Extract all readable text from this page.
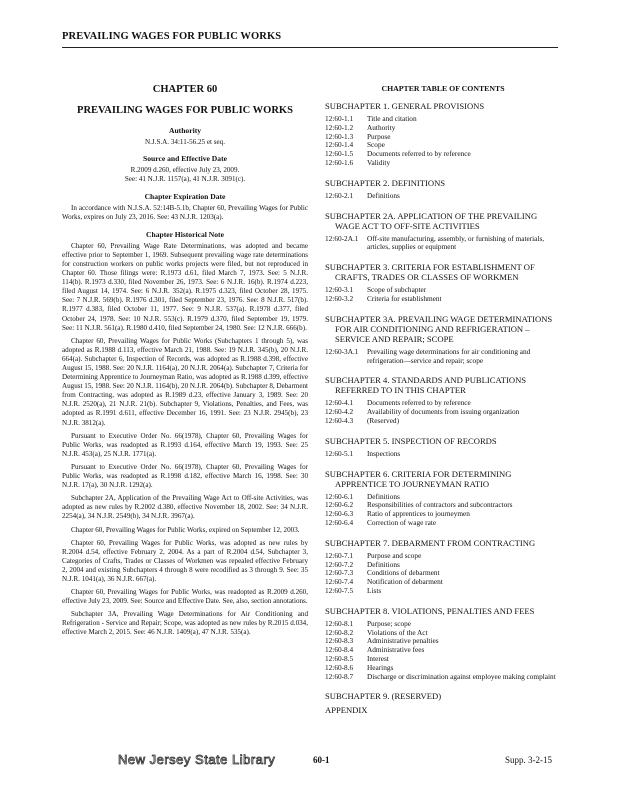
PREVAILING WAGES FOR PUBLIC WORKS
CHAPTER 60
PREVAILING WAGES FOR PUBLIC WORKS
Authority
N.J.S.A. 34:11-56.25 et seq.
Source and Effective Date
R.2009 d.260, effective July 23, 2009.
See: 41 N.J.R. 1157(a), 41 N.J.R. 3091(c).
Chapter Expiration Date

In accordance with N.J.S.A. 52:14B-5.1b, Chapter 60, Prevailing Wages for Public Works, expires on July 23, 2016. See: 43 N.J.R. 1203(a).

Chapter Historical Note

Chapter 60, Prevailing Wage Rate Determinations, was adopted and became effective prior to September 1, 1969. Subsequent prevailing wage rate determinations for construction workers on public works projects were filed, but not reproduced in Chapter 60. Those filings were: R.1973 d.61, filed March 7, 1973. See: 5 N.J.R. 114(b). R.1973 d.330, filed November 26, 1973. See: 6 N.J.R. 16(b). R.1974 d.223, filed August 14, 1974. See: 6 N.J.R. 352(a). R.1975 d.323, filed October 28, 1975. See: 7 N.J.R. 569(b). R.1976 d.301, filed September 23, 1976. See: 8 N.J.R. 517(b). R.1977 d.383, filed October 11, 1977. See: 9 N.J.R. 537(a). R.1978 d.377, filed October 24, 1978. See: 10 N.J.R. 553(c). R.1979 d.370, filed September 19, 1979. See: 11 N.J.R. 561(a). R.1980 d.410, filed September 24, 1980. See: 12 N.J.R. 666(b).

Chapter 60, Prevailing Wages for Public Works (Subchapters 1 through 5), was adopted as R.1988 d.113, effective March 21, 1988. See: 19 N.J.R. 345(b), 20 N.J.R. 664(a). Subchapter 6, Inspection of Records, was adopted as R.1988 d.398, effective August 15, 1988. See: 20 N.J.R. 1164(a), 20 N.J.R. 2064(a). Subchapter 7, Criteria for Determining Apprentice to Journeyman Ratio, was adopted as R.1988 d.399, effective August 15, 1988. See: 20 N.J.R. 1164(b), 20 N.J.R. 2064(b). Subchapter 8, Debarment from Contracting, was adopted as R.1989 d.23, effective January 3, 1989. See: 20 N.J.R. 2520(a), 21 N.J.R. 21(b). Subchapter 9, Violations, Penalties, and Fees, was adopted as R.1991 d.611, effective December 16, 1991. See: 23 N.J.R. 2945(b), 23 N.J.R. 3812(a).

Pursuant to Executive Order No. 66(1978), Chapter 60, Prevailing Wages for Public Works, was readopted as R.1993 d.164, effective March 19, 1993. See: 25 N.J.R. 453(a), 25 N.J.R. 1771(a).

Pursuant to Executive Order No. 66(1978), Chapter 60, Prevailing Wages for Public Works, was readopted as R.1998 d.182, effective March 16, 1998. See: 30 N.J.R. 17(a), 30 N.J.R. 1292(a).

Subchapter 2A, Application of the Prevailing Wage Act to Off-site Activities, was adopted as new rules by R.2002 d.380, effective November 18, 2002. See: 34 N.J.R. 2254(a), 34 N.J.R. 2549(b), 34 N.J.R. 3967(a).

Chapter 60, Prevailing Wages for Public Works, expired on September 12, 2003.

Chapter 60, Prevailing Wages for Public Works, was adopted as new rules by R.2004 d.54, effective February 2, 2004. As a part of R.2004 d.54, Subchapter 3, Categories of Crafts, Trades or Classes of Workmen was repealed effective February 2, 2004 and existing Subchapters 4 through 8 were recodified as 3 through 9. See: 35 N.J.R. 1041(a), 36 N.J.R. 667(a).

Chapter 60, Prevailing Wages for Public Works, was readopted as R.2009 d.260, effective July 23, 2009. See: Source and Effective Date. See, also, section annotations.

Subchapter 3A, Prevailing Wage Determinations for Air Conditioning and Refrigeration - Service and Repair; Scope, was adopted as new rules by R.2015 d.034, effective March 2, 2015. See: 46 N.J.R. 1409(a), 47 N.J.R. 535(a).

CHAPTER TABLE OF CONTENTS
SUBCHAPTER 1. GENERAL PROVISIONS
12:60-1.1	Title and citation
12:60-1.2	Authority
12:60-1.3	Purpose
12:60-1.4	Scope
12:60-1.5	Documents referred to by reference
12:60-1.6	Validity
SUBCHAPTER 2. DEFINITIONS
12:60-2.1	Definitions
SUBCHAPTER 2A. APPLICATION OF THE PREVAILING WAGE ACT TO OFF-SITE ACTIVITIES
12:60-2A.1	Off-site manufacturing, assembly, or furnishing of materials, articles, supplies or equipment
SUBCHAPTER 3. CRITERIA FOR ESTABLISHMENT OF CRAFTS, TRADES OR CLASSES OF WORKMEN
12:60-3.1	Scope of subchapter
12:60-3.2	Criteria for establishment
SUBCHAPTER 3A. PREVAILING WAGE DETERMINATIONS FOR AIR CONDITIONING AND REFRIGERATION – SERVICE AND REPAIR; SCOPE
12:60-3A.1	Prevailing wage determinations for air conditioning and refrigeration—service and repair; scope
SUBCHAPTER 4. STANDARDS AND PUBLICATIONS REFERRED TO IN THIS CHAPTER
12:60-4.1	Documents referred to by reference
12:60-4.2	Availability of documents from issuing organization
12:60-4.3	(Reserved)
SUBCHAPTER 5. INSPECTION OF RECORDS
12:60-5.1	Inspections
SUBCHAPTER 6. CRITERIA FOR DETERMINING APPRENTICE TO JOURNEYMAN RATIO
12:60-6.1	Definitions
12:60-6.2	Responsibilities of contractors and subcontractors
12:60-6.3	Ratio of apprentices to journeymen
12:60-6.4	Correction of wage rate
SUBCHAPTER 7. DEBARMENT FROM CONTRACTING
12:60-7.1	Purpose and scope
12:60-7.2	Definitions
12:60-7.3	Conditions of debarment
12:60-7.4	Notification of debarment
12:60-7.5	Lists
SUBCHAPTER 8. VIOLATIONS, PENALTIES AND FEES
12:60-8.1	Purpose; scope
12:60-8.2	Violations of the Act
12:60-8.3	Administrative penalties
12:60-8.4	Administrative fees
12:60-8.5	Interest
12:60-8.6	Hearings
12:60-8.7	Discharge or discrimination against employee making complaint
SUBCHAPTER 9. (RESERVED)
APPENDIX
New Jersey State Library	60-1	Supp. 3-2-15
